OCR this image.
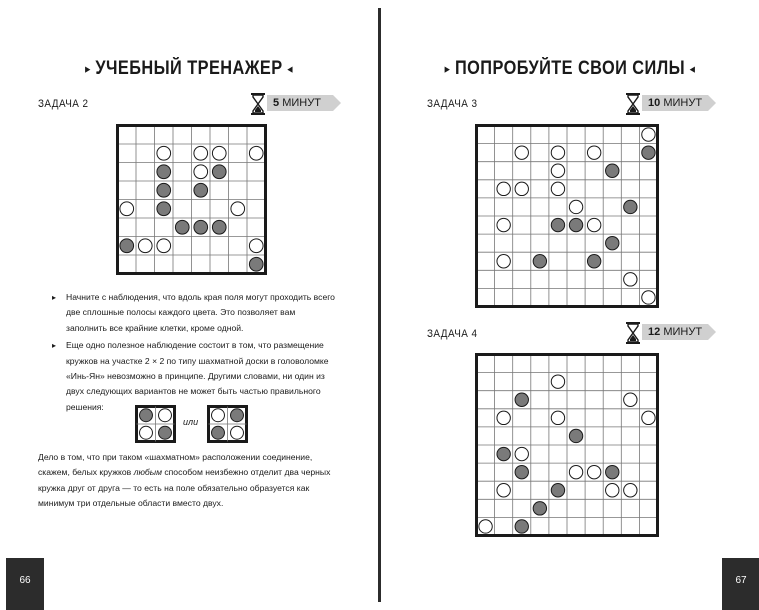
▸ УЧЕБНЫЙ ТРЕНАЖЕР ◂
ЗАДАЧА 2	5 МИНУТ

▸ Начните с наблюдения, что вдоль края поля могут проходить всего две сплошные полосы каждого цвета. Это позволяет вам заполнить все крайние клетки, кроме одной.

▸ Еще одно полезное наблюдение состоит в том, что размещение кружков на участке 2 × 2 по типу шахматной доски в головоломке «Инь-Ян» невозможно в принципе. Другими словами, ни один из двух следующих вариантов не может быть частью правильного решения:

или

Дело в том, что при таком «шахматном» расположении соединение, скажем, белых кружков любым способом неизбежно отделит два черных кружка друг от друга — то есть на поле обязательно образуется как минимум три отдельные области вместо двух.

66
▸ ПОПРОБУЙТЕ СВОИ СИЛЫ ◂
ЗАДАЧА 3	10 МИНУТ
ЗАДАЧА 4	12 МИНУТ
67
